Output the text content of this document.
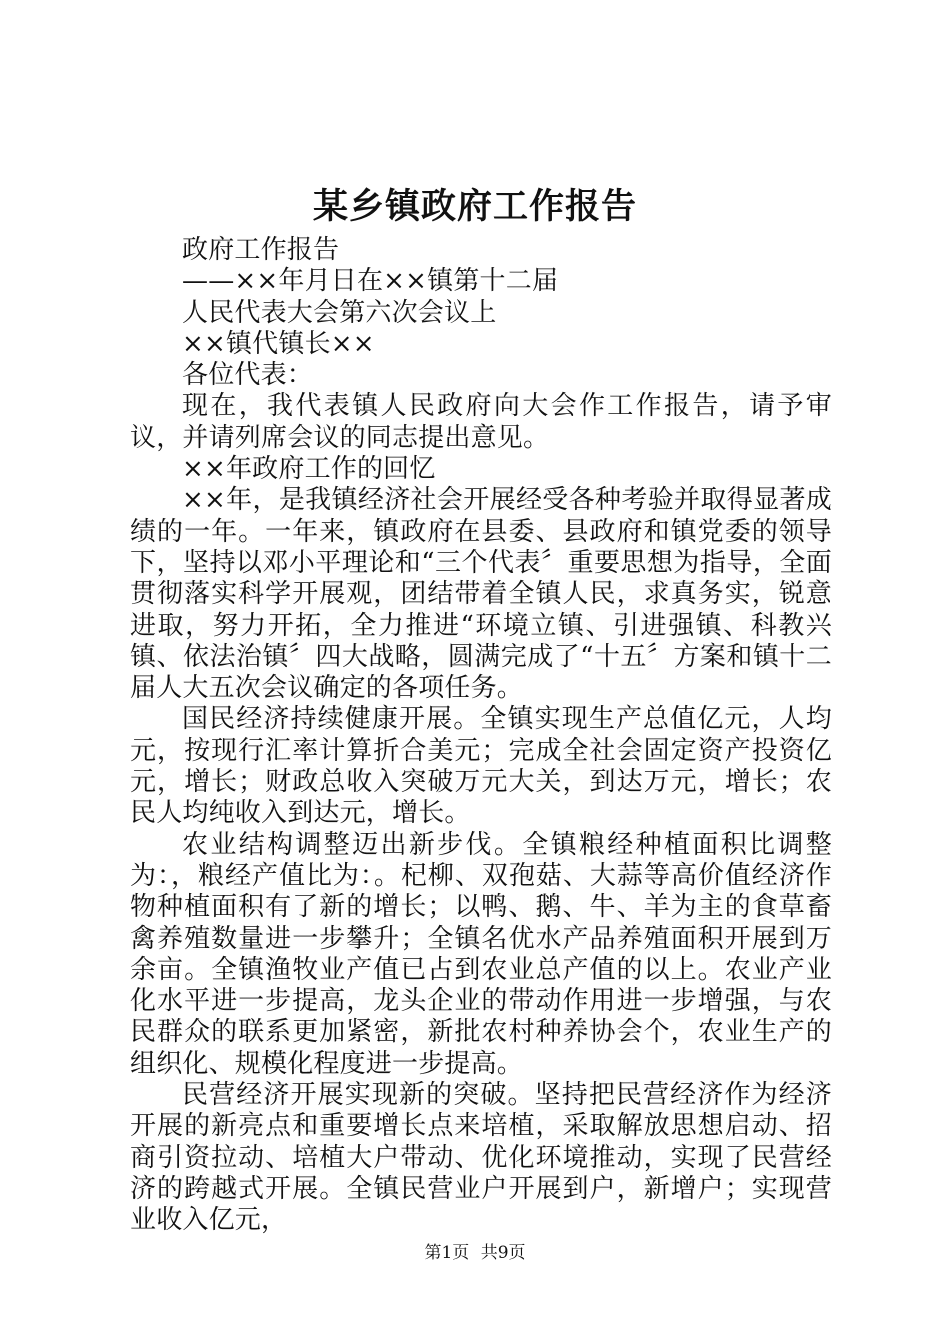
某乡镇政府工作报告

政府工作报告

——××年月日在××镇第十二届

人民代表大会第六次会议上

××镇代镇长××

各位代表：

现在，我代表镇人民政府向大会作工作报告，请予审议，并请列席会议的同志提出意见。

××年政府工作的回忆

××年，是我镇经济社会开展经受各种考验并取得显著成绩的一年。一年来，镇政府在县委、县政府和镇党委的领导下，坚持以邓小平理论和“三个代表〞重要思想为指导，全面贯彻落实科学开展观，团结带着全镇人民，求真务实，锐意进取，努力开拓，全力推进“环境立镇、引进强镇、科教兴镇、依法治镇〞四大战略，圆满完成了“十五〞方案和镇十二届人大五次会议确定的各项任务。

国民经济持续健康开展。全镇实现生产总值亿元，人均元，按现行汇率计算折合美元；完成全社会固定资产投资亿元，增长；财政总收入突破万元大关，到达万元，增长；农民人均纯收入到达元，增长。

农业结构调整迈出新步伐。全镇粮经种植面积比调整为：，粮经产值比为：。杞柳、双孢菇、大蒜等高价值经济作物种植面积有了新的增长；以鸭、鹅、牛、羊为主的食草畜禽养殖数量进一步攀升；全镇名优水产品养殖面积开展到万余亩。全镇渔牧业产值已占到农业总产值的以上。农业产业化水平进一步提高，龙头企业的带动作用进一步增强，与农民群众的联系更加紧密，新批农村种养协会个，农业生产的组织化、规模化程度进一步提高。

民营经济开展实现新的突破。坚持把民营经济作为经济开展的新亮点和重要增长点来培植，采取解放思想启动、招商引资拉动、培植大户带动、优化环境推动，实现了民营经济的跨越式开展。全镇民营业户开展到户，新增户；实现营业收入亿元，

第1页 共9页
